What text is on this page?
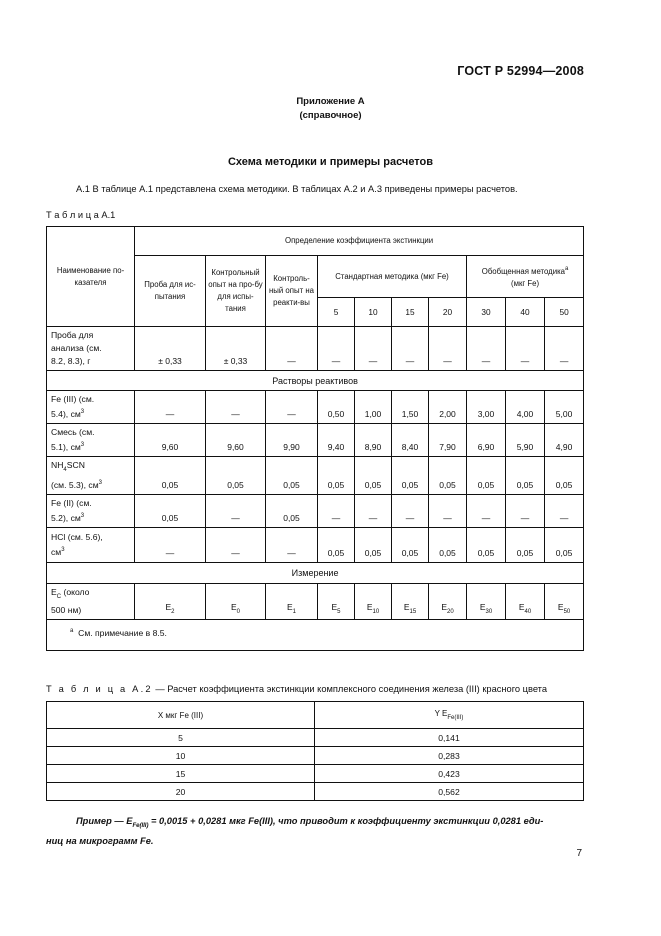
ГОСТ Р 52994—2008
Приложение А
(справочное)
Схема методики и примеры расчетов
А.1 В таблице А.1 представлена схема методики. В таблицах А.2 и А.3 приведены примеры расчетов.
Т а б л и ц а А.1
Наименование по-казателя	Определение коэффициента экстинкции									
	Проба для ис-пытания	Контрольный опыт на про-бу для испы-тания	Контроль-ный опыт на реакти-вы	Стандартная методика (мкг Fe)				Обобщенная методика$^а$
(мкг Fe)		
				5	10	15	20	30	40	50

Проба для
анализа (см.
8.2, 8.3), г	± 0,33	± 0,33	—	—	—	—	—	—	—	—
Растворы реактивов										

Fe (III) (см.
5.4), $см^3$	—	—	—	0,50	1,00	1,50	2,00	3,00	4,00	5,00

Смесь (см.
5.1), $см^3$	9,60	9,60	9,90	9,40	8,90	8,40	7,90	6,90	5,90	4,90

$NH_4SCN$
(см. 5.3), $см^3$	0,05	0,05	0,05	0,05	0,05	0,05	0,05	0,05	0,05	0,05

Fe (II) (см.
5.2), $см^3$	0,05	—	0,05	—	—	—	—	—	—	—

HCl (см. 5.6),
$см^3$	—	—	—	0,05	0,05	0,05	0,05	0,05	0,05	0,05
Измерение										

$E_C$ (около
500 нм)	$E_2$	$E_0$	$E_1$	$E_5$	$E_{10}$	$E_{15}$	$E_{20}$	$E_{30}$	$E_{40}$	$E_{50}$
$^а$ См. примечание в 8.5.										
Т а б л и ц а А.2 — Расчет коэффициента экстинкции комплексного соединения железа (III) красного цвета
X мкг Fe (III)	Y $E_{Fe(III)}$
5	0,141
10	0,283
15	0,423
20	0,562
Пример — $E_{Fe(III)} = 0,0015 + 0,0281$ мкг Fe(III), что приводит к коэффициенту экстинкции 0,0281 еди-
ниц на микрограмм Fe.
7
